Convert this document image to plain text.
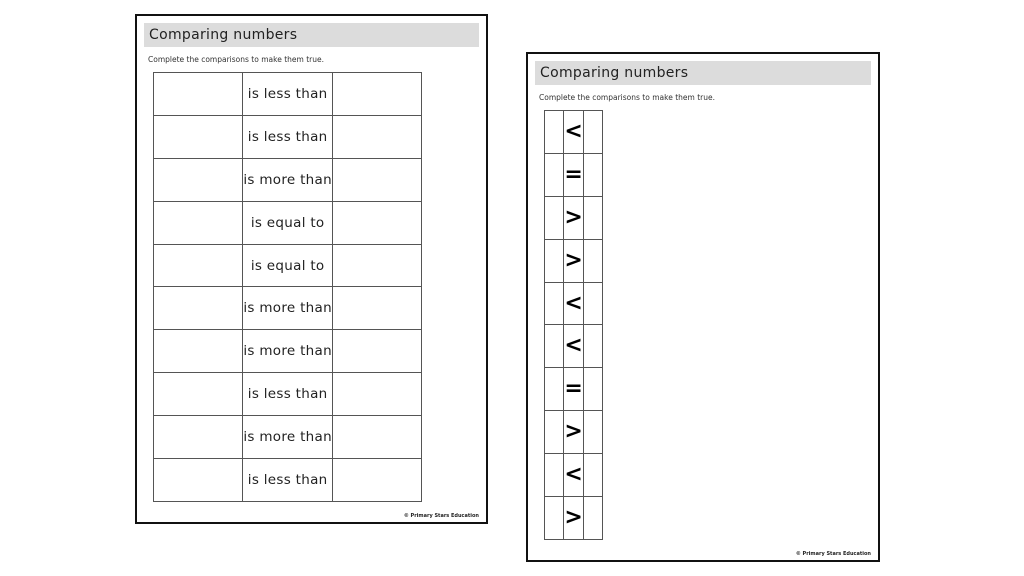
Comparing numbers
Complete the comparisons to make them true.
	is less than	
	is less than	
	is more than	
	is equal to	
	is equal to	
	is more than	
	is more than	
	is less than	
	is more than	
	is less than	
© Primary Stars Education
Comparing numbers
Complete the comparisons to make them true.
	<	
	=	
	>	
	>	
	<	
	<	
	=	
	>	
	<	
	>	
© Primary Stars Education
